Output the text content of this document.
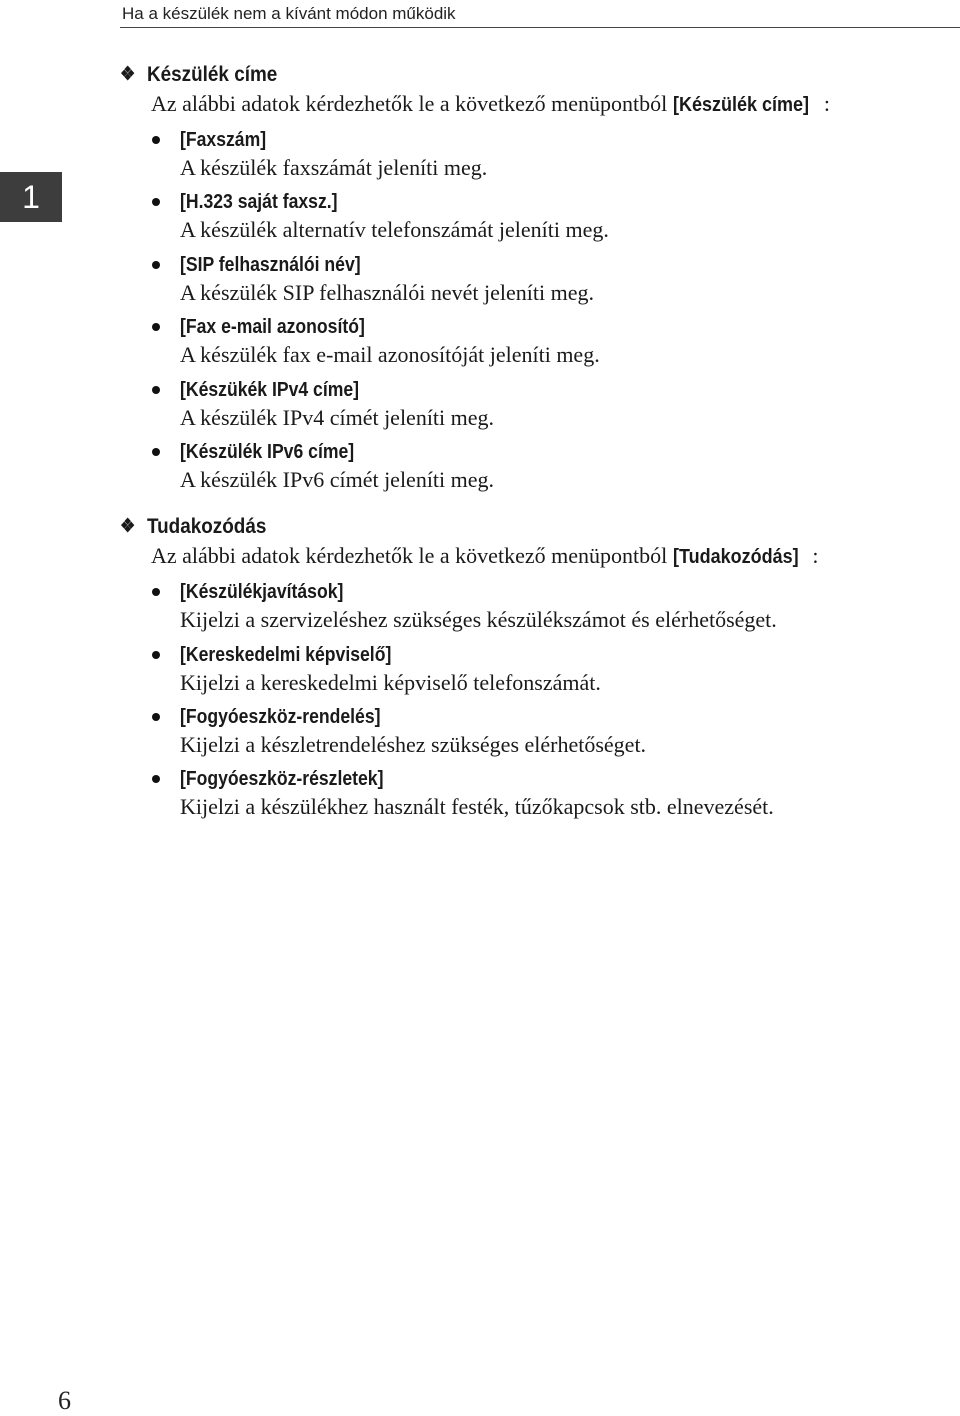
Ha a készülék nem a kívánt módon működik
1
❖ Készülék címe
Az alábbi adatok kérdezhetők le a következő menüpontból [Készülék címe] :
[Faxszám]
A készülék faxszámát jeleníti meg.
[H.323 saját faxsz.]
A készülék alternatív telefonszámát jeleníti meg.
[SIP felhasználói név]
A készülék SIP felhasználói nevét jeleníti meg.
[Fax e-mail azonosító]
A készülék fax e-mail azonosítóját jeleníti meg.
[Készükék IPv4 címe]
A készülék IPv4 címét jeleníti meg.
[Készülék IPv6 címe]
A készülék IPv6 címét jeleníti meg.
❖ Tudakozódás
Az alábbi adatok kérdezhetők le a következő menüpontból [Tudakozódás] :
[Készülékjavítások]
Kijelzi a szervizeléshez szükséges készülékszámot és elérhetőséget.
[Kereskedelmi képviselő]
Kijelzi a kereskedelmi képviselő telefonszámát.
[Fogyóeszköz-rendelés]
Kijelzi a készletrendeléshez szükséges elérhetőséget.
[Fogyóeszköz-részletek]
Kijelzi a készülékhez használt festék, tűzőkapcsok stb. elnevezését.
6
